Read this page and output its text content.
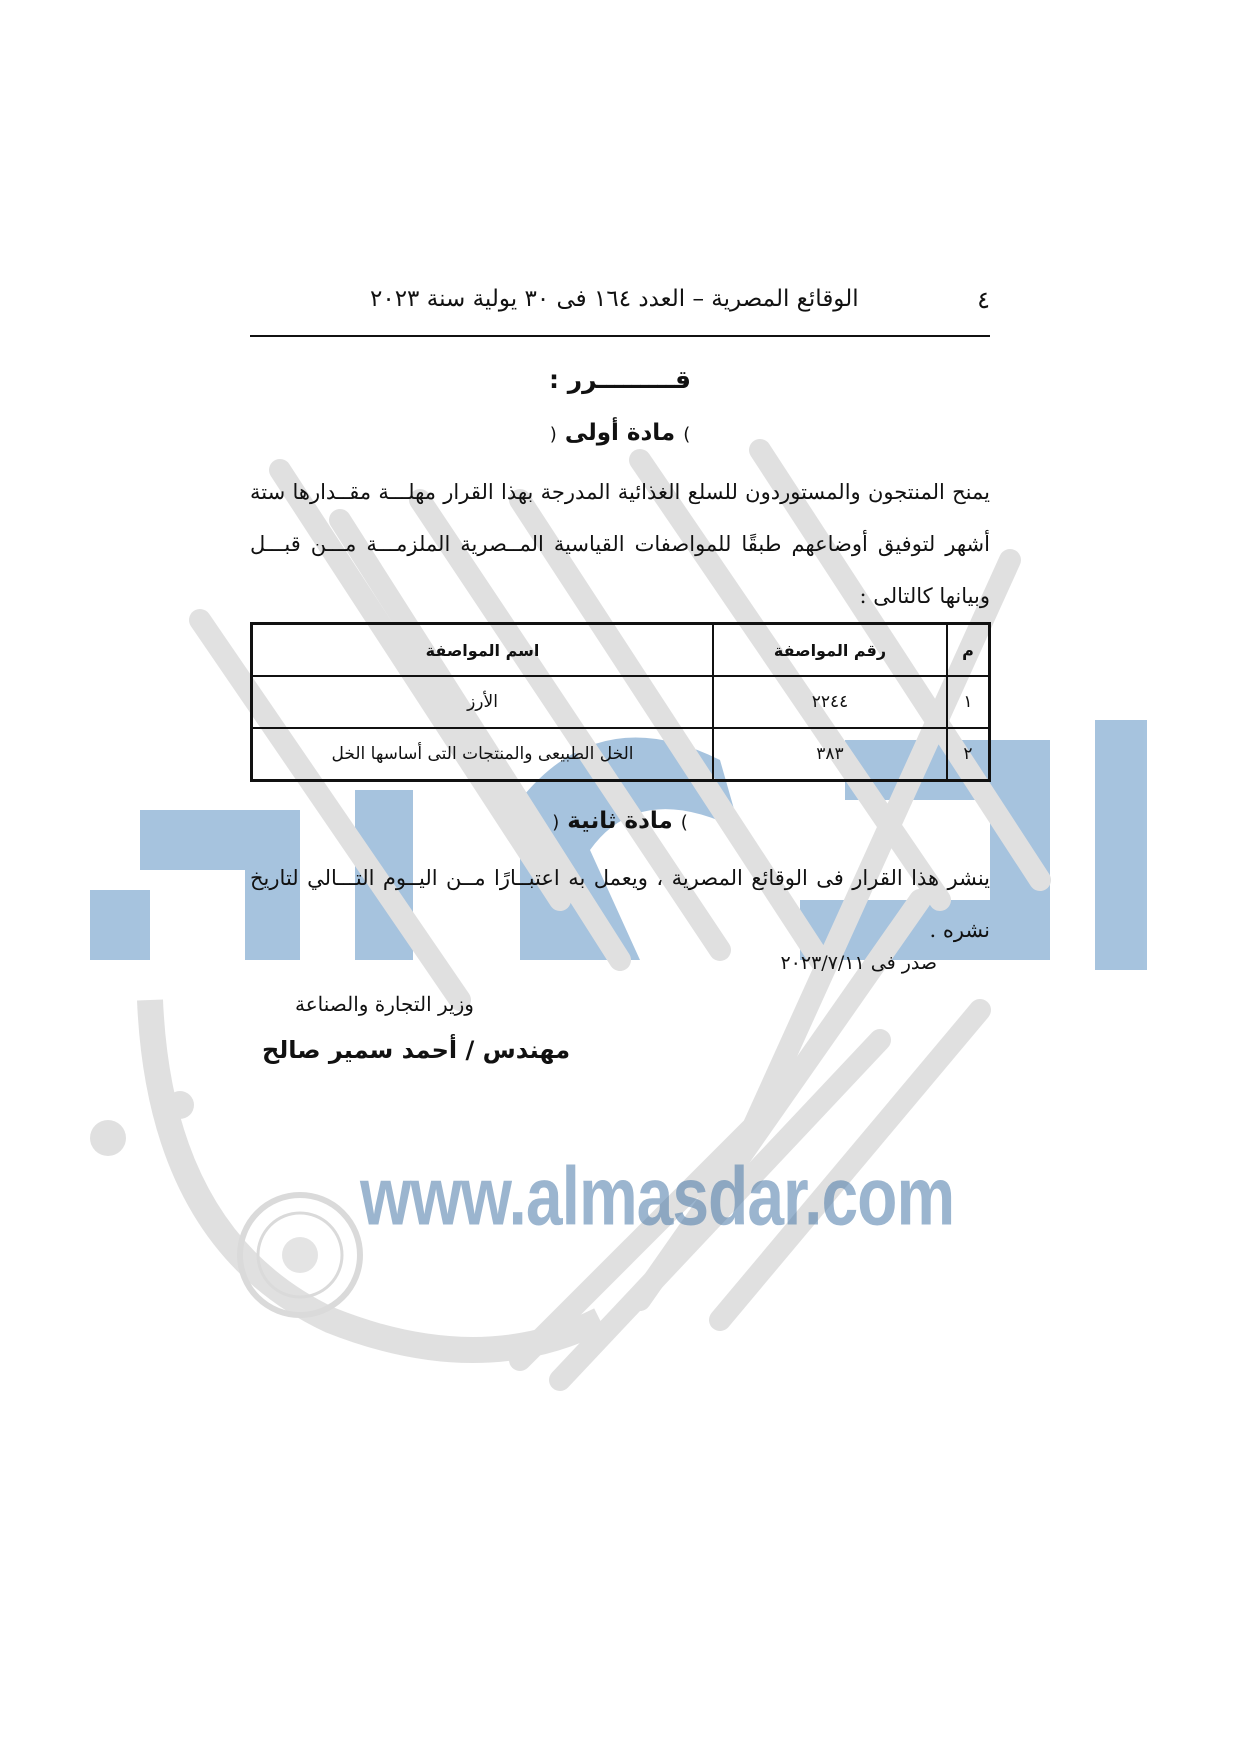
www.almasdar.com
٤
الوقائع المصرية – العدد ١٦٤ فى ٣٠ يولية سنة ٢٠٢٣
قـــــــــرر :
) مادة أولى (
يمنح المنتجون والمستوردون للسلع الغذائية المدرجة بهذا القرار مهلـــة مقــدارها ستة أشهر لتوفيق أوضاعهم طبقًا للمواصفات القياسية المــصرية الملزمـــة مـــن قبـــل وبيانها كالتالى :
م	رقم المواصفة	اسم المواصفة
١	٢٢٤٤	الأرز
٢	٣٨٣	الخل الطبيعى والمنتجات التى أساسها الخل
) مادة ثانية (
ينشر هذا القرار فى الوقائع المصرية ، ويعمل به اعتبــارًا مــن اليــوم التـــالي لتاريخ نشره .
صدر فى ٢٠٢٣/٧/١١
وزير التجارة والصناعة
مهندس / أحمد سمير صالح
